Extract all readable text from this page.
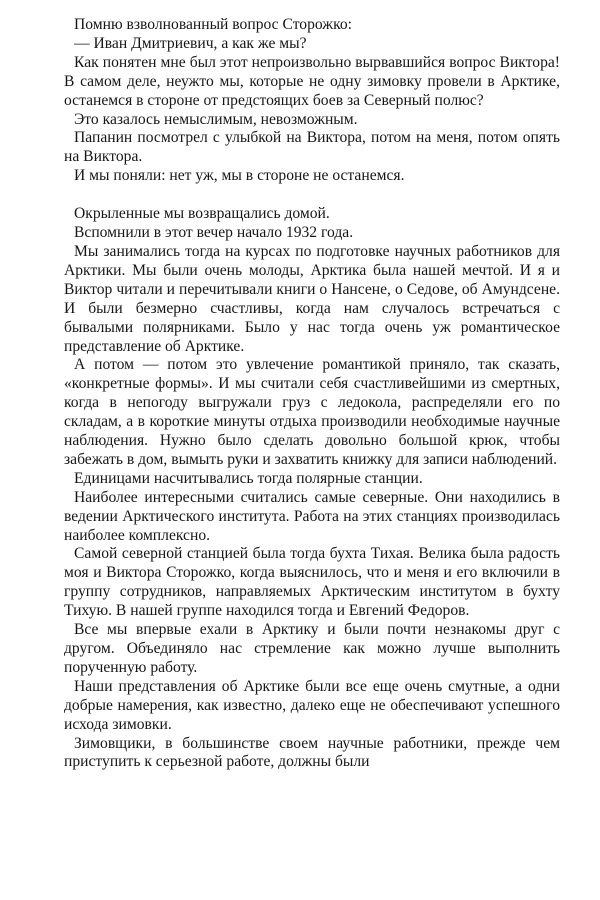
Помню взволнованный вопрос Сторожко:

— Иван Дмитриевич, а как же мы?

Как понятен мне был этот непроизвольно вырвавшийся вопрос Виктора! В самом деле, неужто мы, которые не одну зимовку провели в Арктике, останемся в стороне от предстоящих боев за Северный полюс?

Это казалось немыслимым, невозможным.

Папанин посмотрел с улыбкой на Виктора, потом на меня, потом опять на Виктора.

И мы поняли: нет уж, мы в стороне не останемся.

Окрыленные мы возвращались домой.

Вспомнили в этот вечер начало 1932 года.

Мы занимались тогда на курсах по подготовке научных работников для Арктики. Мы были очень молоды, Арктика была нашей мечтой. И я и Виктор читали и перечитывали книги о Нансене, о Седове, об Амундсене. И были безмерно счастливы, когда нам случалось встречаться с бывалыми полярниками. Было у нас тогда очень уж романтическое представление об Арктике.

А потом — потом это увлечение романтикой приняло, так сказать, «конкретные формы». И мы считали себя счастливейшими из смертных, когда в непогоду выгружали груз с ледокола, распределяли его по складам, а в короткие минуты отдыха производили необходимые научные наблюдения. Нужно было сделать довольно большой крюк, чтобы забежать в дом, вымыть руки и захватить книжку для записи наблюдений.

Единицами насчитывались тогда полярные станции.

Наиболее интересными считались самые северные. Они находились в ведении Арктического института. Работа на этих станциях производилась наиболее комплексно.

Самой северной станцией была тогда бухта Тихая. Велика была радость моя и Виктора Сторожко, когда выяснилось, что и меня и его включили в группу сотрудников, направляемых Арктическим институтом в бухту Тихую. В нашей группе находился тогда и Евгений Федоров.

Все мы впервые ехали в Арктику и были почти незнакомы друг с другом. Объединяло нас стремление как можно лучше выполнить порученную работу.

Наши представления об Арктике были все еще очень смутные, а одни добрые намерения, как известно, далеко еще не обеспечивают успешного исхода зимовки.

Зимовщики, в большинстве своем научные работники, прежде чем приступить к серьезной работе, должны были
